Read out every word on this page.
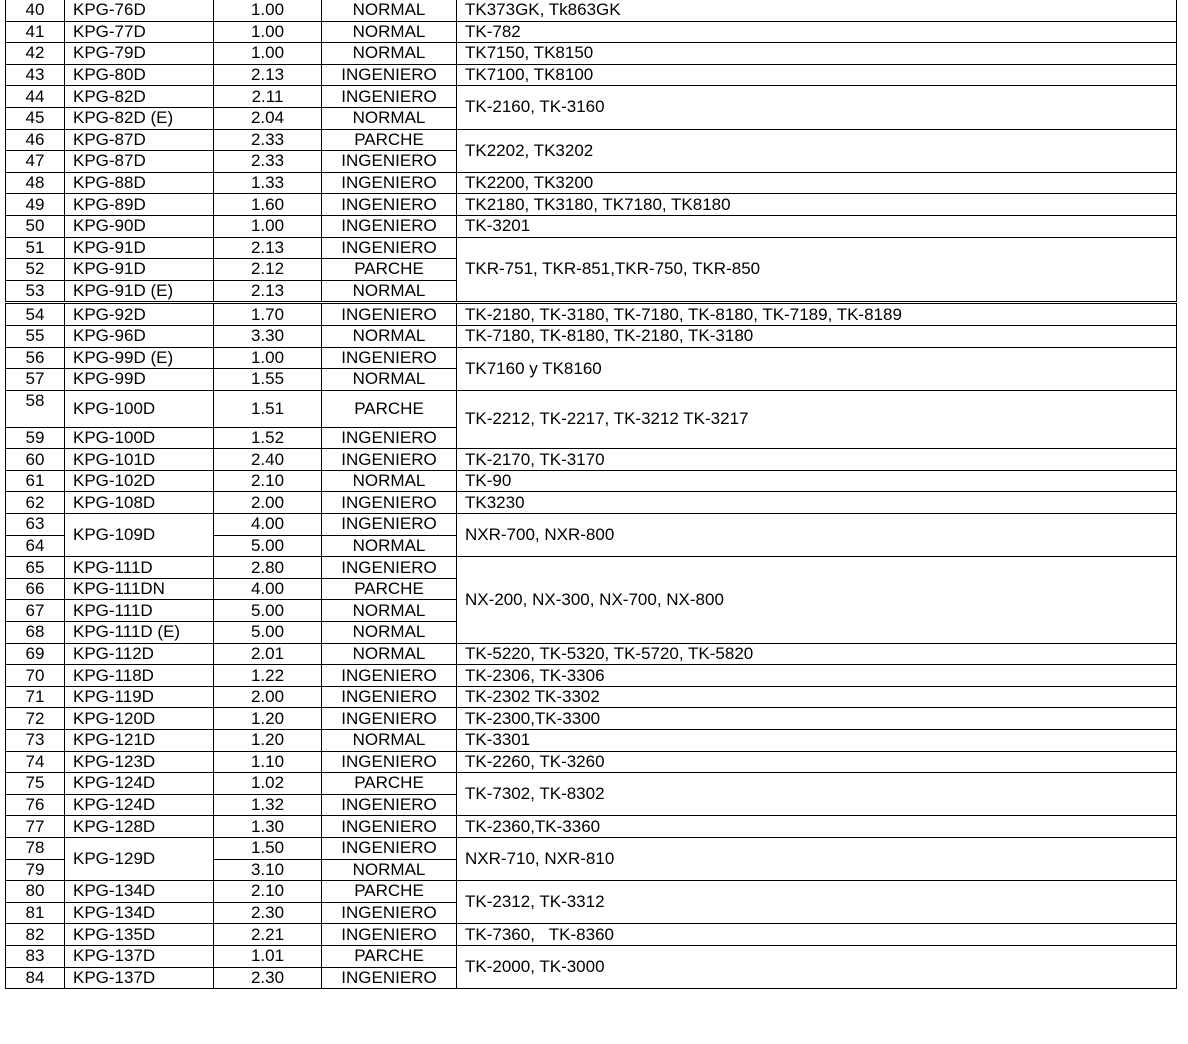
40	KPG-76D	1.00	NORMAL	TK373GK, Tk863GK
41	KPG-77D	1.00	NORMAL	TK-782
42	KPG-79D	1.00	NORMAL	TK7150, TK8150
43	KPG-80D	2.13	INGENIERO	TK7100, TK8100
44	KPG-82D	2.11	INGENIERO	TK-2160, TK-3160
45	KPG-82D (E)	2.04	NORMAL	
46	KPG-87D	2.33	PARCHE	TK2202, TK3202
47	KPG-87D	2.33	INGENIERO	
48	KPG-88D	1.33	INGENIERO	TK2200, TK3200
49	KPG-89D	1.60	INGENIERO	TK2180, TK3180, TK7180, TK8180
50	KPG-90D	1.00	INGENIERO	TK-3201
51	KPG-91D	2.13	INGENIERO	TKR-751, TKR-851,TKR-750, TKR-850
52	KPG-91D	2.12	PARCHE	
53	KPG-91D (E)	2.13	NORMAL	
54	KPG-92D	1.70	INGENIERO	TK-2180, TK-3180, TK-7180, TK-8180, TK-7189, TK-8189
55	KPG-96D	3.30	NORMAL	TK-7180, TK-8180, TK-2180, TK-3180
56	KPG-99D (E)	1.00	INGENIERO	TK7160 y TK8160
57	KPG-99D	1.55	NORMAL	
58	KPG-100D	1.51	PARCHE	TK-2212, TK-2217, TK-3212 TK-3217
59	KPG-100D	1.52	INGENIERO	
60	KPG-101D	2.40	INGENIERO	TK-2170, TK-3170
61	KPG-102D	2.10	NORMAL	TK-90
62	KPG-108D	2.00	INGENIERO	TK3230
63	KPG-109D	4.00	INGENIERO	NXR-700, NXR-800
64		5.00	NORMAL	
65	KPG-111D	2.80	INGENIERO	NX-200, NX-300, NX-700, NX-800
66	KPG-111DN	4.00	PARCHE	
67	KPG-111D	5.00	NORMAL	
68	KPG-111D (E)	5.00	NORMAL	
69	KPG-112D	2.01	NORMAL	TK-5220, TK-5320, TK-5720, TK-5820
70	KPG-118D	1.22	INGENIERO	TK-2306, TK-3306
71	KPG-119D	2.00	INGENIERO	TK-2302 TK-3302
72	KPG-120D	1.20	INGENIERO	TK-2300,TK-3300
73	KPG-121D	1.20	NORMAL	TK-3301
74	KPG-123D	1.10	INGENIERO	TK-2260, TK-3260
75	KPG-124D	1.02	PARCHE	TK-7302, TK-8302
76	KPG-124D	1.32	INGENIERO	
77	KPG-128D	1.30	INGENIERO	TK-2360,TK-3360
78	KPG-129D	1.50	INGENIERO	NXR-710, NXR-810
79		3.10	NORMAL	
80	KPG-134D	2.10	PARCHE	TK-2312, TK-3312
81	KPG-134D	2.30	INGENIERO	
82	KPG-135D	2.21	INGENIERO	TK-7360,   TK-8360
83	KPG-137D	1.01	PARCHE	TK-2000, TK-3000
84	KPG-137D	2.30	INGENIERO	
